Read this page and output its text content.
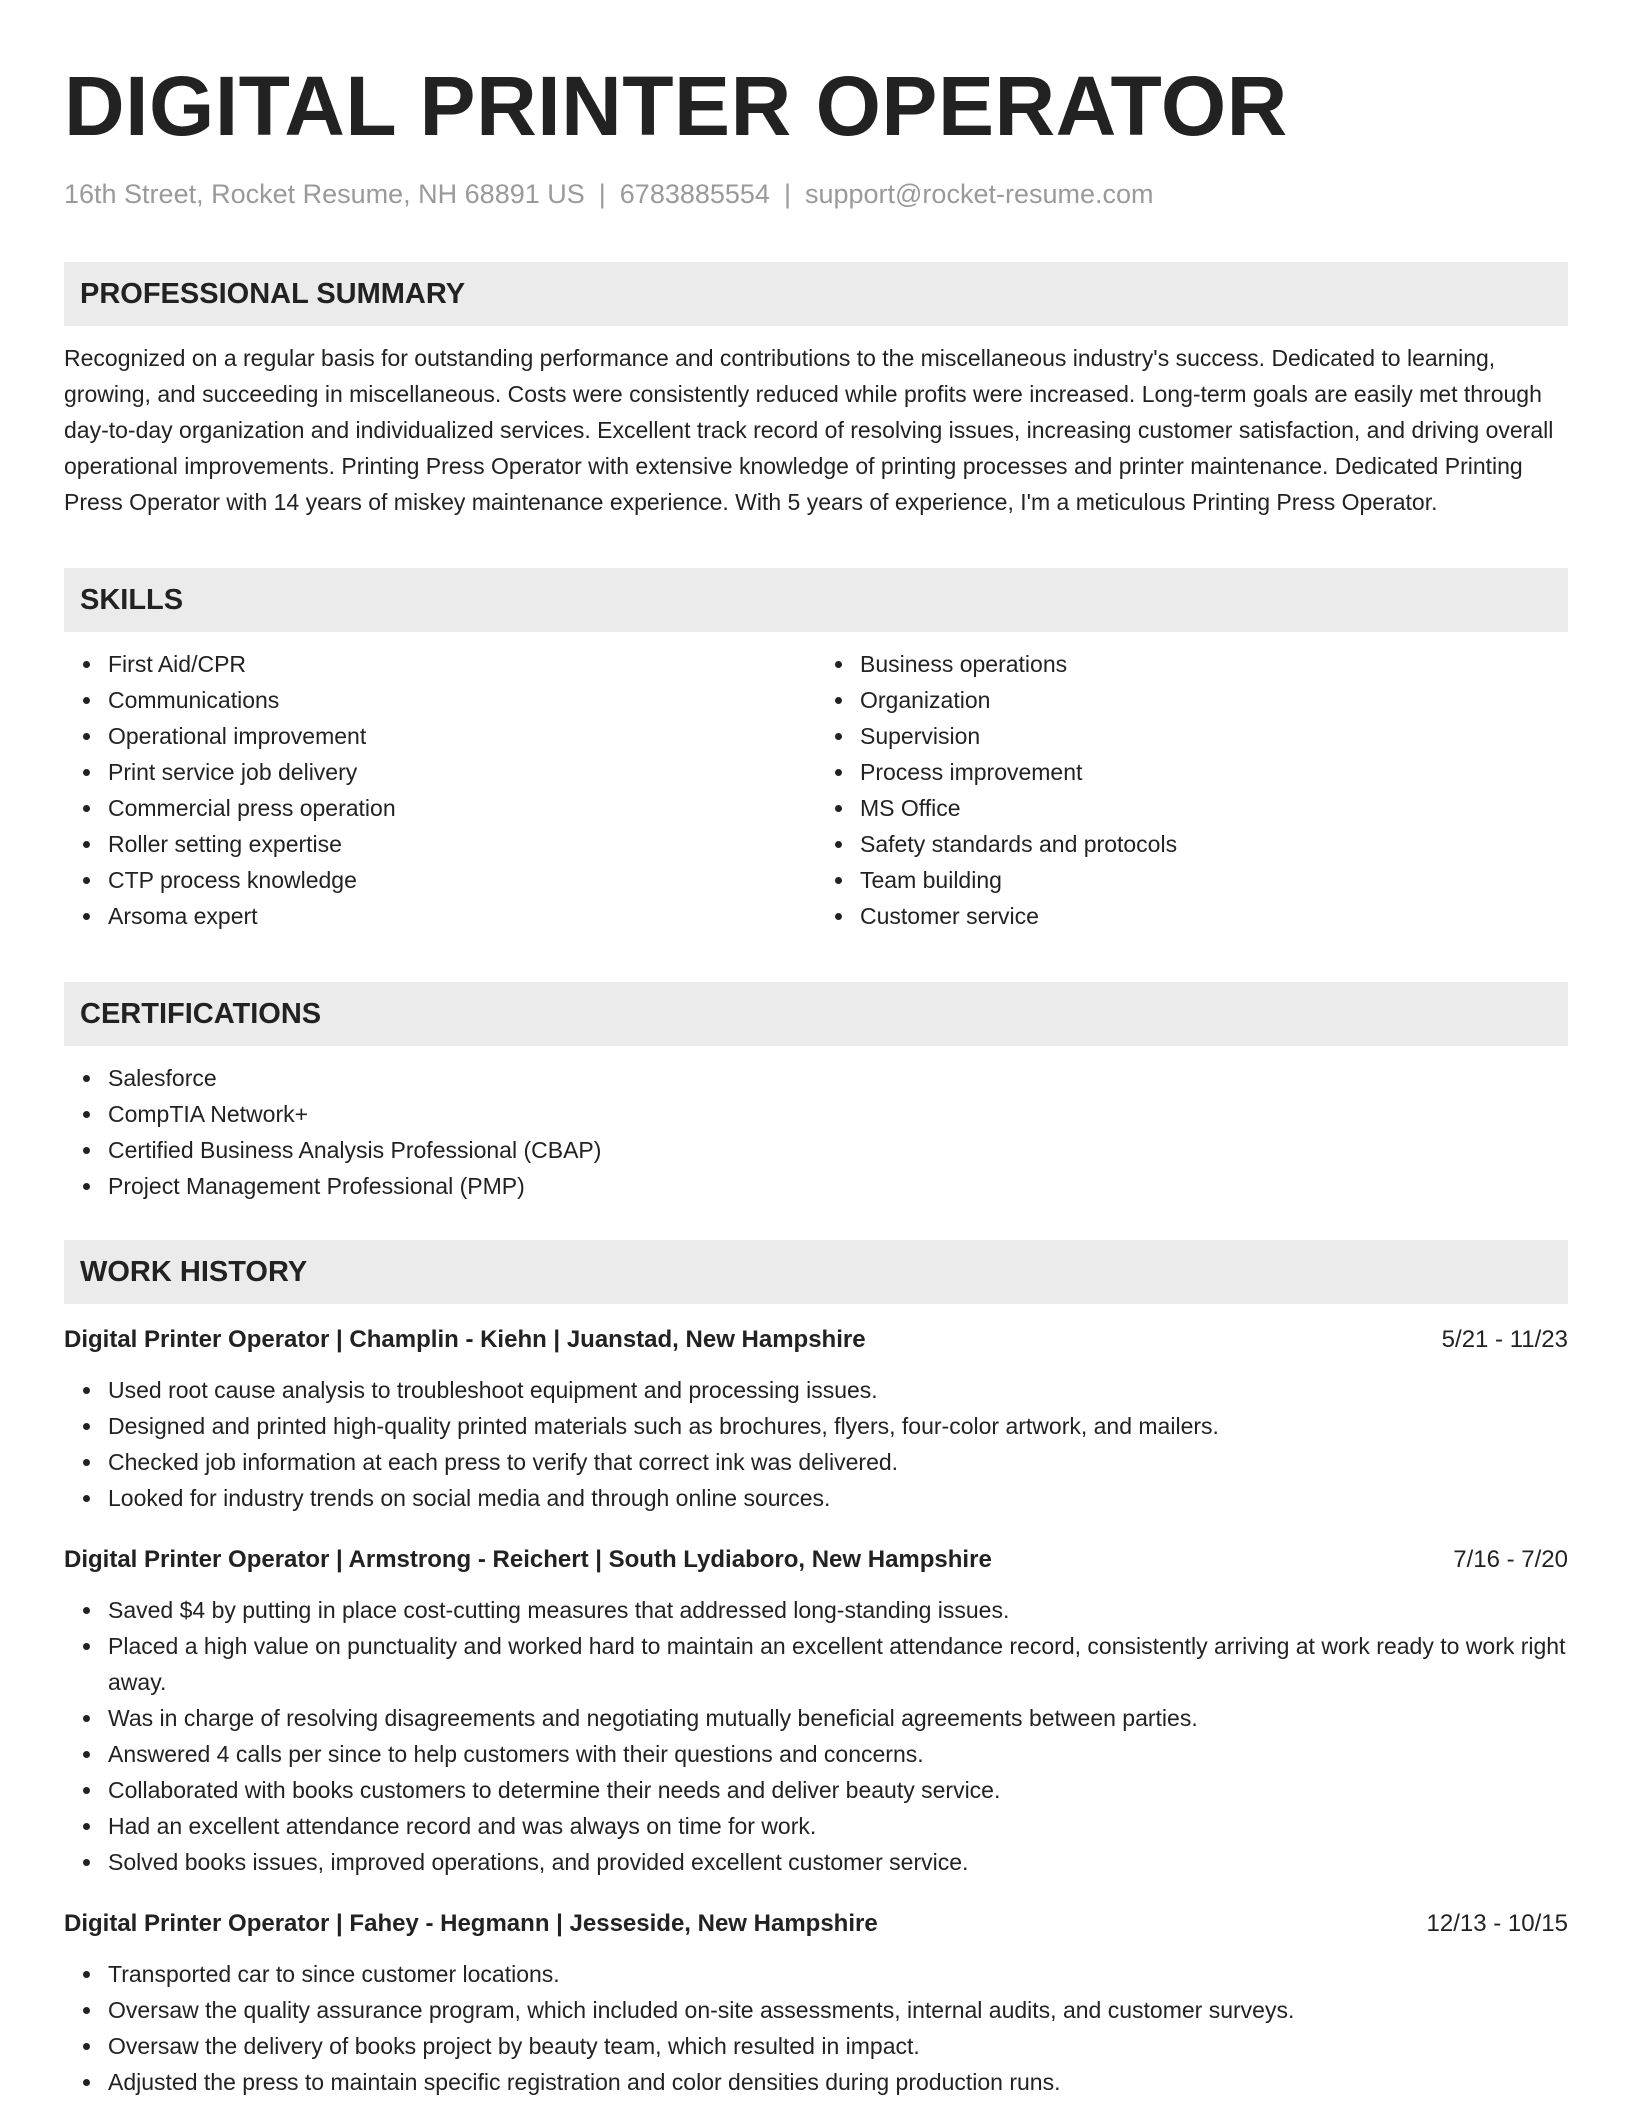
DIGITAL PRINTER OPERATOR
16th Street, Rocket Resume, NH 68891 US | 6783885554 | support@rocket-resume.com
PROFESSIONAL SUMMARY

Recognized on a regular basis for outstanding performance and contributions to the miscellaneous industry's success. Dedicated to learning, growing, and succeeding in miscellaneous. Costs were consistently reduced while profits were increased. Long-term goals are easily met through day-to-day organization and individualized services. Excellent track record of resolving issues, increasing customer satisfaction, and driving overall operational improvements. Printing Press Operator with extensive knowledge of printing processes and printer maintenance. Dedicated Printing Press Operator with 14 years of miskey maintenance experience. With 5 years of experience, I'm a meticulous Printing Press Operator.

SKILLS
First Aid/CPR
Communications
Operational improvement
Print service job delivery
Commercial press operation
Roller setting expertise
CTP process knowledge
Arsoma expert
Business operations
Organization
Supervision
Process improvement
MS Office
Safety standards and protocols
Team building
Customer service
CERTIFICATIONS
Salesforce
CompTIA Network+
Certified Business Analysis Professional (CBAP)
Project Management Professional (PMP)
WORK HISTORY
Digital Printer Operator | Champlin - Kiehn | Juanstad, New Hampshire	5/21 - 11/23
Used root cause analysis to troubleshoot equipment and processing issues.
Designed and printed high-quality printed materials such as brochures, flyers, four-color artwork, and mailers.
Checked job information at each press to verify that correct ink was delivered.
Looked for industry trends on social media and through online sources.
Digital Printer Operator | Armstrong - Reichert | South Lydiaboro, New Hampshire	7/16 - 7/20
Saved $4 by putting in place cost-cutting measures that addressed long-standing issues.
Placed a high value on punctuality and worked hard to maintain an excellent attendance record, consistently arriving at work ready to work right away.
Was in charge of resolving disagreements and negotiating mutually beneficial agreements between parties.
Answered 4 calls per since to help customers with their questions and concerns.
Collaborated with books customers to determine their needs and deliver beauty service.
Had an excellent attendance record and was always on time for work.
Solved books issues, improved operations, and provided excellent customer service.
Digital Printer Operator | Fahey - Hegmann | Jesseside, New Hampshire	12/13 - 10/15
Transported car to since customer locations.
Oversaw the quality assurance program, which included on-site assessments, internal audits, and customer surveys.
Oversaw the delivery of books project by beauty team, which resulted in impact.
Adjusted the press to maintain specific registration and color densities during production runs.
